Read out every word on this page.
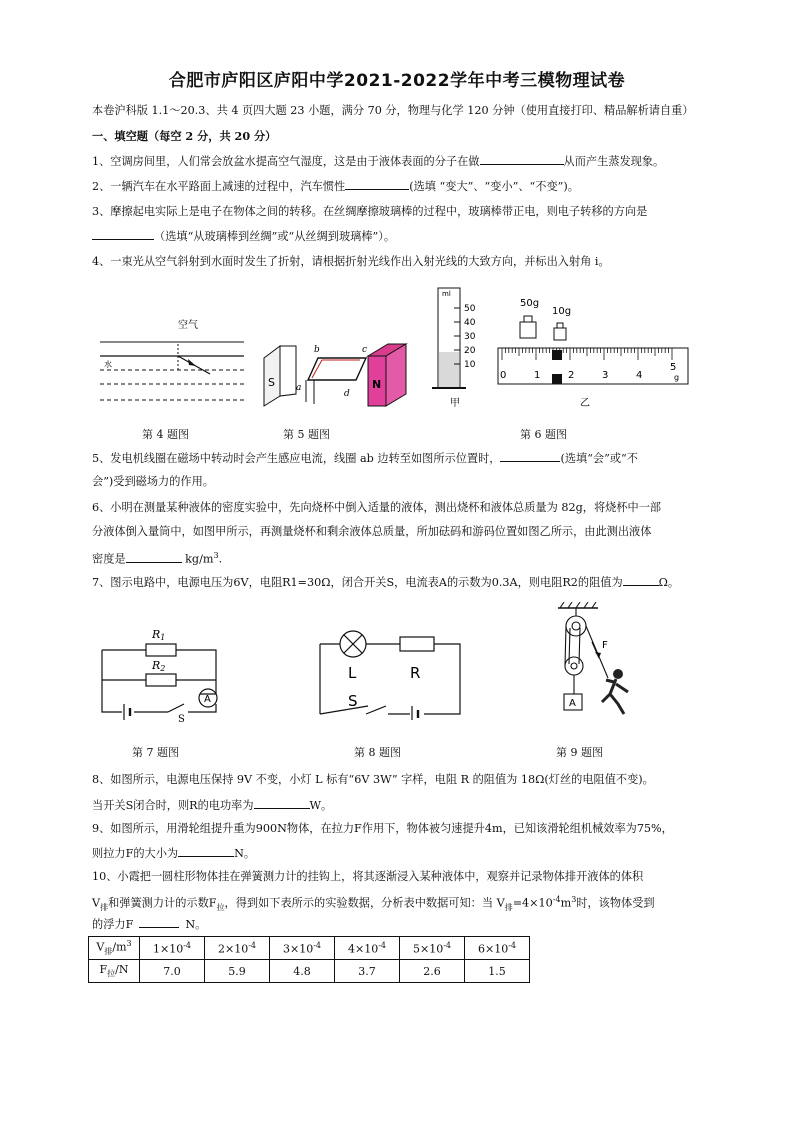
合肥市庐阳区庐阳中学2021-2022学年中考三模物理试卷
本卷沪科版 1.1～20.3、共 4 页四大题 23 小题，满分 70 分，物理与化学 120 分钟（使用直接打印、精品解析请自重）
一、填空题（每空 2 分，共 20 分）
1、空调房间里，人们常会放盆水提高空气湿度，这是由于液体表面的分子在做	从而产生蒸发现象。
2、一辆汽车在水平路面上减速的过程中，汽车惯性	(选填 “变大”、“变小”、“不变”)。
3、摩擦起电实际上是电子在物体之间的转移。在丝绸摩擦玻璃棒的过程中，玻璃棒带正电，则电子转移的方向是
（选填“从玻璃棒到丝绸”或“从丝绸到玻璃棒”）。
4、一束光从空气斜射到水面时发生了折射，请根据折射光线作出入射光线的大致方向，并标出入射角 i。
空气
水
第 4 题图
S	N
a
b	c
d
第 5 题图
ml
50
40
30
20
10
甲
50g
10g
0	1	2	3	4
5
g
乙
第 6 题图
5、发电机线圈在磁场中转动时会产生感应电流，线圈 ab 边转至如图所示位置时，	(选填“会”或“不
会”)受到磁场力的作用。
6、小明在测量某种液体的密度实验中，先向烧杯中倒入适量的液体，测出烧杯和液体总质量为 82g，将烧杯中一部
分液体倒入量筒中，如图甲所示，再测量烧杯和剩余液体总质量，所加砝码和游码位置如图乙所示，由此测出液体
密度是	$kg/m^3$.
7、图示电路中，电源电压为6V，电阻R1=30Ω，闭合开关S，电流表A的示数为0.3A，则电阻R2的阻值为	Ω。
R1
R2
A
S
第 7 题图
L	R
S
第 8 题图
F
A
第 9 题图
8、如图所示，电源电压保持 9V 不变，小灯 L 标有“6V 3W” 字样，电阻 R 的阻值为 18Ω(灯丝的电阻值不变)。
当开关S闭合时，则R的电功率为	W。
9、如图所示，用滑轮组提升重为900N物体，在拉力F作用下，物体被匀速提升4m，已知该滑轮组机械效率为75%，
则拉力F的大小为	N。
10、小霞把一圆柱形物体挂在弹簧测力计的挂钩上，将其逐渐浸入某种液体中，观察并记录物体排开液体的体积
$V_排$和弹簧测力计的示数$F_拉$，得到如下表所示的实验数据，分析表中数据可知：当 $V_排=4\times 10^{-4}m^3$时，该物体受到
的浮力F	N。
$V_排/m^3$	$1\times 10^{-4}$	$2\times 10^{-4}$	$3\times 10^{-4}$	$4\times 10^{-4}$	$5\times 10^{-4}$	$6\times 10^{-4}$
$F_拉/N$	7.0	5.9	4.8	3.7	2.6	1.5
